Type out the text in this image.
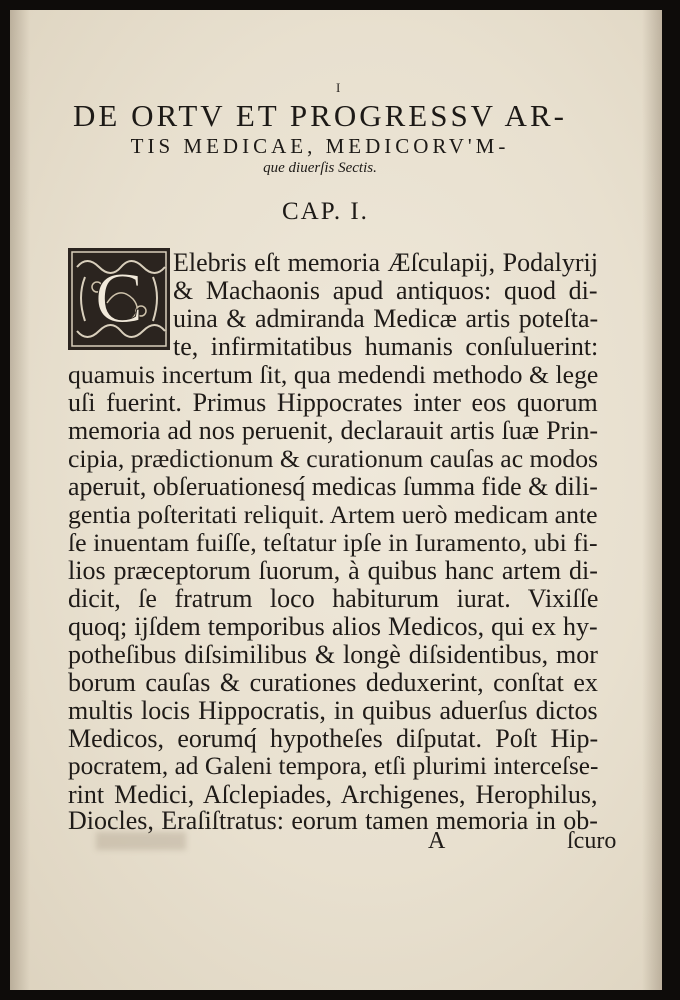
I
DE ORTV ET PROGRESSV AR-
TIS MEDICAE, MEDICORV'M-
que diuerſis Sectis.
CAP. I.
C Elebris eſt memoria Æſculapij, Podalyrij
& Machaonis apud antiquos: quod di-
uina & admiranda Medicæ artis poteſta-
te, infirmitatibus humanis conſuluerint:
quamuis incertum ſit, qua medendi methodo & lege
uſi fuerint. Primus Hippocrates inter eos quorum
memoria ad nos peruenit, declarauit artis ſuæ Prin-
cipia, prædictionum & curationum cauſas ac modos
aperuit, obſeruationesq́ medicas ſumma fide & dili-
gentia poſteritati reliquit. Artem uerò medicam ante
ſe inuentam fuiſſe, teſtatur ipſe in Iuramento, ubi fi-
lios præceptorum ſuorum, à quibus hanc artem di-
dicit, ſe fratrum loco habiturum iurat. Vixiſſe
quoq; ijſdem temporibus alios Medicos, qui ex hy-
potheſibus diſsimilibus & longè diſsidentibus, mor
borum cauſas & curationes deduxerint, conſtat ex
multis locis Hippocratis, in quibus aduerſus dictos
Medicos, eorumq́ hypotheſes diſputat. Poſt Hip-
pocratem, ad Galeni tempora, etſi plurimi interceſse-
rint Medici, Aſclepiades, Archigenes, Herophilus,
Diocles, Eraſiſtratus: eorum tamen memoria in ob-
A	ſcuro
